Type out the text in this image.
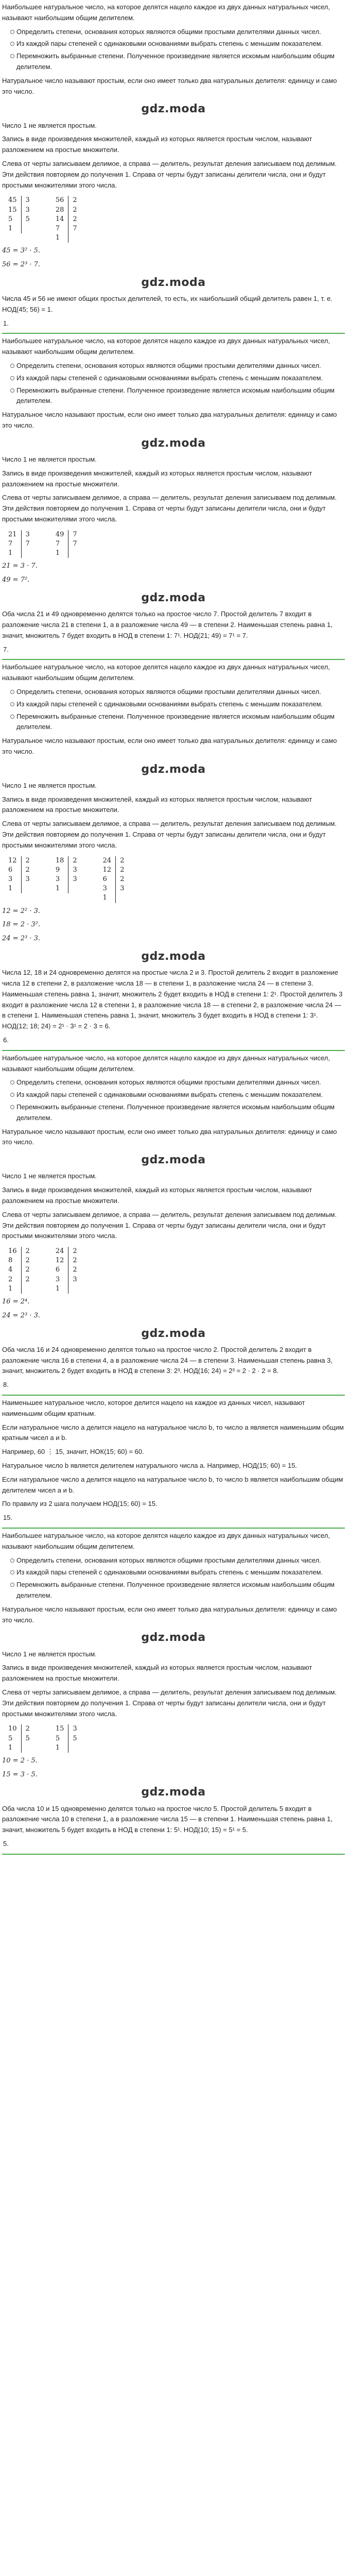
Наибольшее натуральное число, на которое делятся нацело каждое из двух данных натуральных чисел, называют наибольшим общим делителем.

Определить степени, основания которых являются общими простыми делителями данных чисел.
Из каждой пары степеней с одинаковыми основаниями выбрать степень с меньшим показателем.
Перемножить выбранные степени. Полученное произведение является искомым наибольшим общим делителем.

Натуральное число называют простым, если оно имеет только два натуральных делителя: единицу и само это число.

gdz.moda

Число 1 не является простым.

Запись в виде произведения множителей, каждый из которых является простым числом, называют разложением на простые множители.

Слева от черты записываем делимое, а справа — делитель, результат деления записываем под делимым. Эти действия повторяем до получения 1. Справа от черты будут записаны делители числа, они и будут простыми множителями этого числа.

45	3
15	3
5	5
1	
56	2
28	2
14	2
7	7
1	

45 = 3² · 5.

56 = 2³ · 7.

gdz.moda

Числа 45 и 56 не имеют общих простых делителей, то есть, их наибольший общий делитель равен 1, т. е. НОД(45; 56) = 1.

1.

Наибольшее натуральное число, на которое делятся нацело каждое из двух данных натуральных чисел, называют наибольшим общим делителем.

Определить степени, основания которых являются общими простыми делителями данных чисел.
Из каждой пары степеней с одинаковыми основаниями выбрать степень с меньшим показателем.
Перемножить выбранные степени. Полученное произведение является искомым наибольшим общим делителем.

Натуральное число называют простым, если оно имеет только два натуральных делителя: единицу и само это число.

gdz.moda

Число 1 не является простым.

Запись в виде произведения множителей, каждый из которых является простым числом, называют разложением на простые множители.

Слева от черты записываем делимое, а справа — делитель, результат деления записываем под делимым. Эти действия повторяем до получения 1. Справа от черты будут записаны делители числа, они и будут простыми множителями этого числа.

21	3
7	7
1	
49	7
7	7
1	

21 = 3 · 7.

49 = 7².

gdz.moda

Оба числа 21 и 49 одновременно делятся только на простое число 7. Простой делитель 7 входит в разложение числа 21 в степени 1, а в разложение числа 49 — в степени 2. Наименьшая степень равна 1, значит, множитель 7 будет входить в НОД в степени 1: 7¹. НОД(21; 49) = 7¹ = 7.

7.

Наибольшее натуральное число, на которое делятся нацело каждое из двух данных натуральных чисел, называют наибольшим общим делителем.

Определить степени, основания которых являются общими простыми делителями данных чисел.
Из каждой пары степеней с одинаковыми основаниями выбрать степень с меньшим показателем.
Перемножить выбранные степени. Полученное произведение является искомым наибольшим общим делителем.

Натуральное число называют простым, если оно имеет только два натуральных делителя: единицу и само это число.

gdz.moda

Число 1 не является простым.

Запись в виде произведения множителей, каждый из которых является простым числом, называют разложением на простые множители.

Слева от черты записываем делимое, а справа — делитель, результат деления записываем под делимым. Эти действия повторяем до получения 1. Справа от черты будут записаны делители числа, они и будут простыми множителями этого числа.

12	2
6	2
3	3
1	
18	2
9	3
3	3
1	
24	2
12	2
6	2
3	3
1	

12 = 2² · 3.

18 = 2 · 3².

24 = 2³ · 3.

gdz.moda

Числа 12, 18 и 24 одновременно делятся на простые числа 2 и 3. Простой делитель 2 входит в разложение числа 12 в степени 2, в разложение числа 18 — в степени 1, в разложение числа 24 — в степени 3. Наименьшая степень равна 1, значит, множитель 2 будет входить в НОД в степени 1: 2¹. Простой делитель 3 входит в разложение числа 12 в степени 1, в разложение числа 18 — в степени 2, в разложение числа 24 — в степени 1. Наименьшая степень равна 1, значит, множитель 3 будет входить в НОД в степени 1: 3¹. НОД(12; 18; 24) = 2¹ · 3¹ = 2 · 3 = 6.

6.

Наибольшее натуральное число, на которое делятся нацело каждое из двух данных натуральных чисел, называют наибольшим общим делителем.

Определить степени, основания которых являются общими простыми делителями данных чисел.
Из каждой пары степеней с одинаковыми основаниями выбрать степень с меньшим показателем.
Перемножить выбранные степени. Полученное произведение является искомым наибольшим общим делителем.

Натуральное число называют простым, если оно имеет только два натуральных делителя: единицу и само это число.

gdz.moda

Число 1 не является простым.

Запись в виде произведения множителей, каждый из которых является простым числом, называют разложением на простые множители.

Слева от черты записываем делимое, а справа — делитель, результат деления записываем под делимым. Эти действия повторяем до получения 1. Справа от черты будут записаны делители числа, они и будут простыми множителями этого числа.

16	2
8	2
4	2
2	2
1	
24	2
12	2
6	2
3	3
1	

16 = 2⁴.

24 = 2³ · 3.

gdz.moda

Оба числа 16 и 24 одновременно делятся только на простое число 2. Простой делитель 2 входит в разложение числа 16 в степени 4, а в разложение числа 24 — в степени 3. Наименьшая степень равна 3, значит, множитель 2 будет входить в НОД в степени 3: 2³. НОД(16; 24) = 2³ = 2 · 2 · 2 = 8.

8.

Наименьшее натуральное число, которое делится нацело на каждое из данных чисел, называют наименьшим общим кратным.

Если натуральное число a делится нацело на натуральное число b, то число a является наименьшим общим кратным чисел a и b.

Например, 60 ⋮ 15, значит, НОК(15; 60) = 60.

Натуральное число b является делителем натурального числа a. Например, НОД(15; 60) = 15.

Если натуральное число a делится нацело на натуральное число b, то число b является наибольшим общим делителем чисел a и b.

По правилу из 2 шага получаем НОД(15; 60) = 15.

15.

Наибольшее натуральное число, на которое делятся нацело каждое из двух данных натуральных чисел, называют наибольшим общим делителем.

Определить степени, основания которых являются общими простыми делителями данных чисел.
Из каждой пары степеней с одинаковыми основаниями выбрать степень с меньшим показателем.
Перемножить выбранные степени. Полученное произведение является искомым наибольшим общим делителем.

Натуральное число называют простым, если оно имеет только два натуральных делителя: единицу и само это число.

gdz.moda

Число 1 не является простым.

Запись в виде произведения множителей, каждый из которых является простым числом, называют разложением на простые множители.

Слева от черты записываем делимое, а справа — делитель, результат деления записываем под делимым. Эти действия повторяем до получения 1. Справа от черты будут записаны делители числа, они и будут простыми множителями этого числа.

10	2
5	5
1	
15	3
5	5
1	

10 = 2 · 5.

15 = 3 · 5.

gdz.moda

Оба числа 10 и 15 одновременно делятся только на простое число 5. Простой делитель 5 входит в разложение числа 10 в степени 1, а в разложение числа 15 — в степени 1. Наименьшая степень равна 1, значит, множитель 5 будет входить в НОД в степени 1: 5¹. НОД(10; 15) = 5¹ = 5.

5.
